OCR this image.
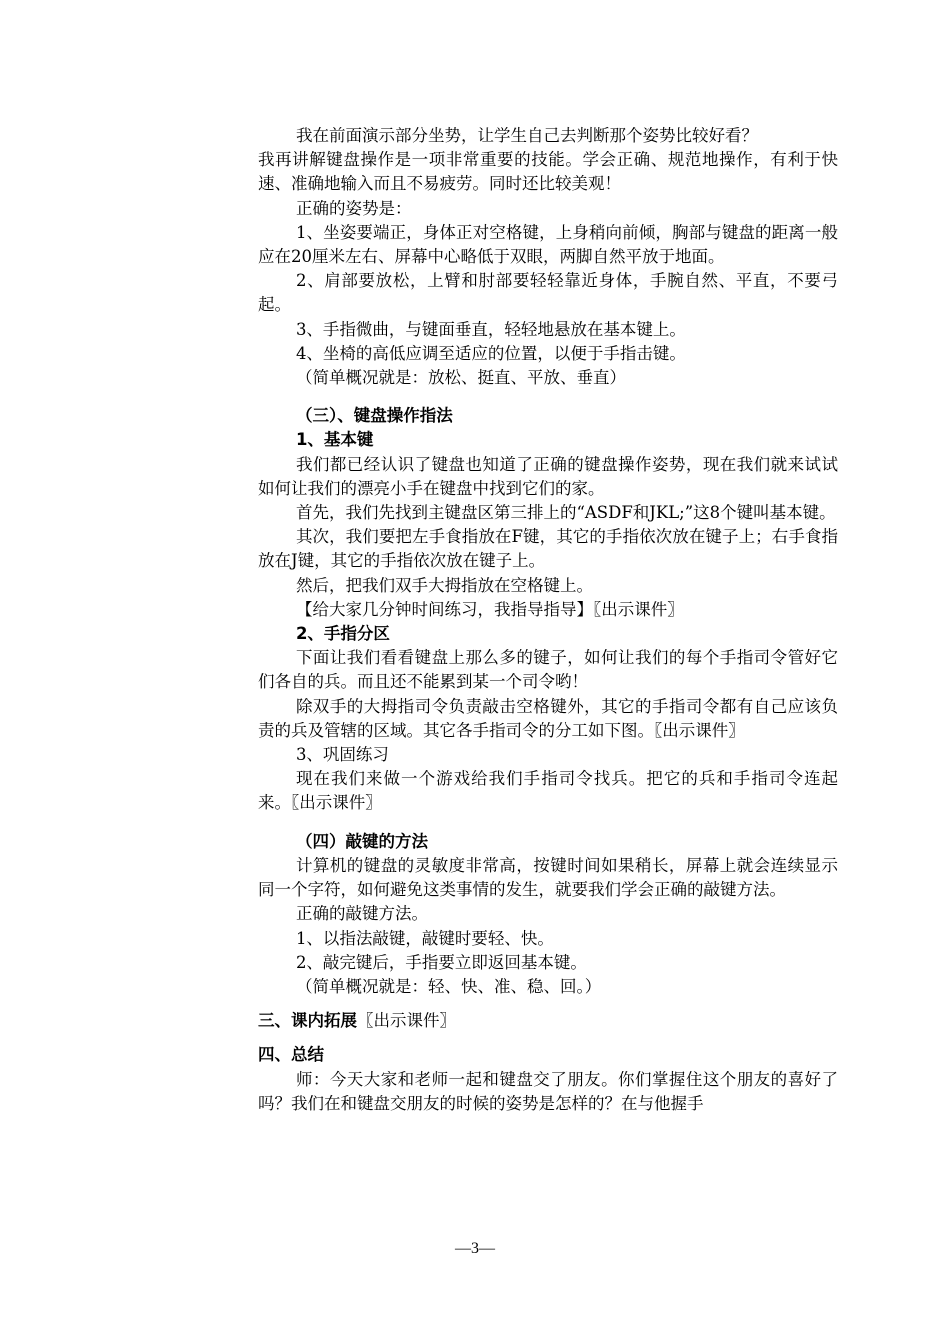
我在前面演示部分坐势，让学生自己去判断那个姿势比较好看？

我再讲解键盘操作是一项非常重要的技能。学会正确、规范地操作，有利于快速、准确地输入而且不易疲劳。同时还比较美观！

正确的姿势是：

1、坐姿要端正，身体正对空格键，上身稍向前倾，胸部与键盘的距离一般应在20厘米左右、屏幕中心略低于双眼，两脚自然平放于地面。

2、肩部要放松，上臂和肘部要轻轻靠近身体，手腕自然、平直，不要弓起。

3、手指微曲，与键面垂直，轻轻地悬放在基本键上。

4、坐椅的高低应调至适应的位置，以便于手指击键。

（简单概况就是：放松、挺直、平放、垂直）

（三）、键盘操作指法

1、基本键

我们都已经认识了键盘也知道了正确的键盘操作姿势，现在我们就来试试如何让我们的漂亮小手在键盘中找到它们的家。

首先，我们先找到主键盘区第三排上的“ASDF和JKL;”这8个键叫基本键。

其次，我们要把左手食指放在F键，其它的手指依次放在键子上；右手食指放在J键，其它的手指依次放在键子上。

然后，把我们双手大拇指放在空格键上。

【给大家几分钟时间练习，我指导指导】〖出示课件〗

2、手指分区

下面让我们看看键盘上那么多的键子，如何让我们的每个手指司令管好它们各自的兵。而且还不能累到某一个司令哟！

除双手的大拇指司令负责敲击空格键外，其它的手指司令都有自己应该负责的兵及管辖的区域。其它各手指司令的分工如下图。〖出示课件〗

3、巩固练习

现在我们来做一个游戏给我们手指司令找兵。把它的兵和手指司令连起来。〖出示课件〗

（四）敲键的方法

计算机的键盘的灵敏度非常高，按键时间如果稍长，屏幕上就会连续显示同一个字符，如何避免这类事情的发生，就要我们学会正确的敲键方法。

正确的敲键方法。

1、以指法敲键，敲键时要轻、快。

2、敲完键后，手指要立即返回基本键。

（简单概况就是：轻、快、准、稳、回。）

三、课内拓展〖出示课件〗

四、总结

师：今天大家和老师一起和键盘交了朋友。你们掌握住这个朋友的喜好了吗？我们在和键盘交朋友的时候的姿势是怎样的？在与他握手

—3—
